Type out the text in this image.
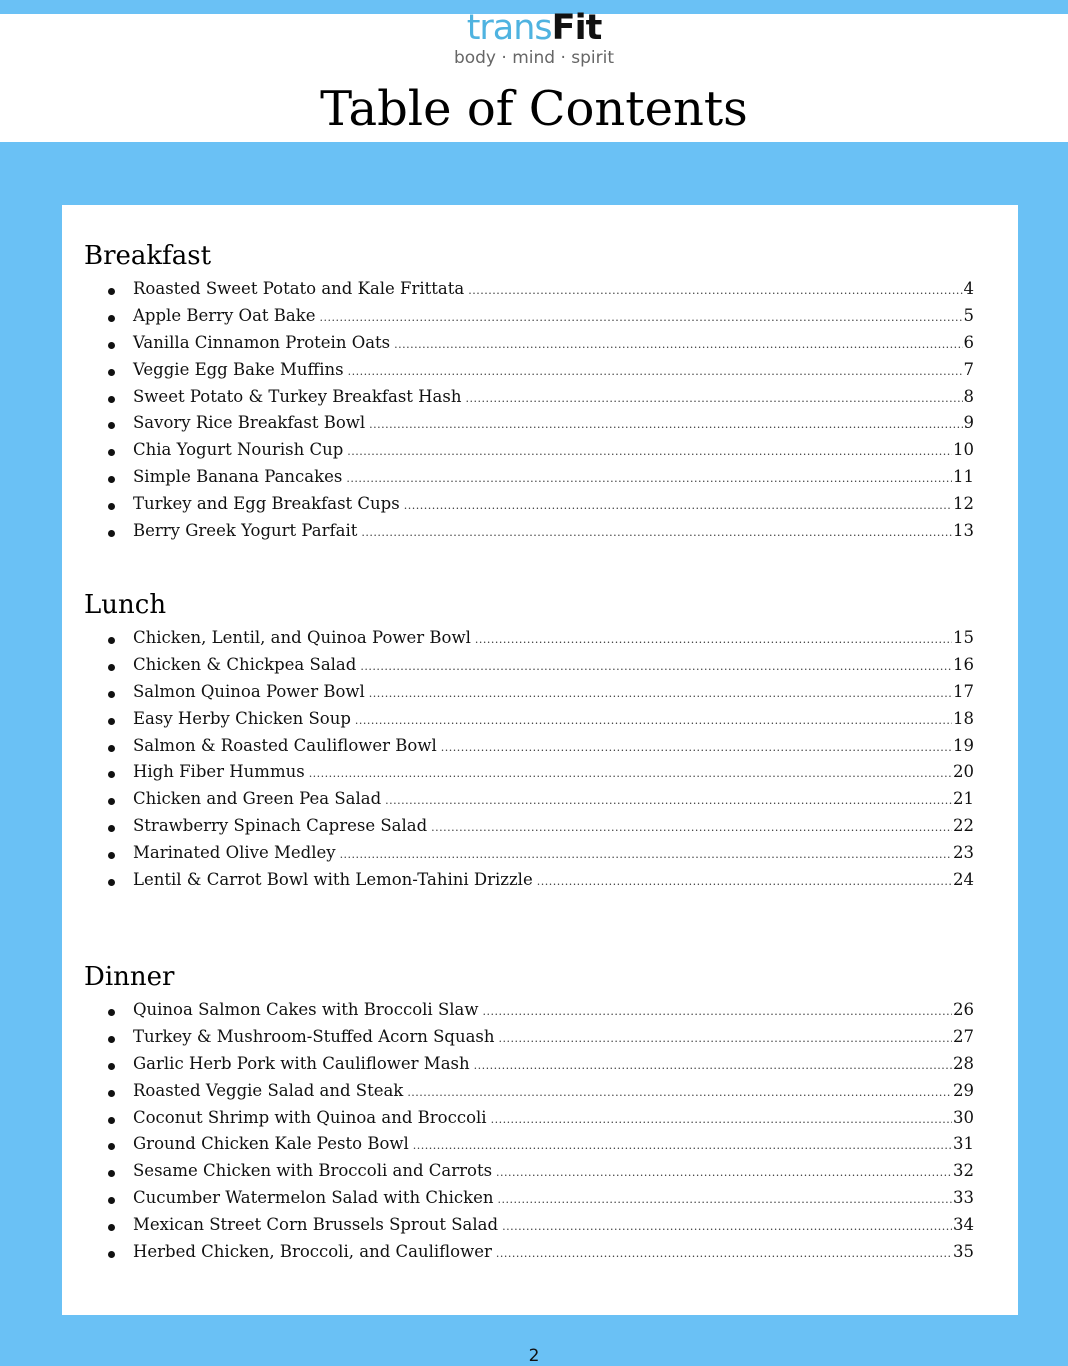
transFit
body · mind · spirit
Table of Contents
Breakfast
Roasted Sweet Potato and Kale Frittata .....	4
Apple Berry Oat Bake .....	5
Vanilla Cinnamon Protein Oats .....	6
Veggie Egg Bake Muffins .....	7
Sweet Potato & Turkey Breakfast Hash .....	8
Savory Rice Breakfast Bowl .....	9
Chia Yogurt Nourish Cup .....	10
Simple Banana Pancakes .....	11
Turkey and Egg Breakfast Cups .....	12
Berry Greek Yogurt Parfait .....	13
Lunch
Chicken, Lentil, and Quinoa Power Bowl .....	15
Chicken & Chickpea Salad .....	16
Salmon Quinoa Power Bowl .....	17
Easy Herby Chicken Soup .....	18
Salmon & Roasted Cauliflower Bowl .....	19
High Fiber Hummus .....	20
Chicken and Green Pea Salad .....	21
Strawberry Spinach Caprese Salad .....	22
Marinated Olive Medley .....	23
Lentil & Carrot Bowl with Lemon-Tahini Drizzle .....	24
Dinner
Quinoa Salmon Cakes with Broccoli Slaw .....	26
Turkey & Mushroom-Stuffed Acorn Squash .....	27
Garlic Herb Pork with Cauliflower Mash .....	28
Roasted Veggie Salad and Steak .....	29
Coconut Shrimp with Quinoa and Broccoli .....	30
Ground Chicken Kale Pesto Bowl .....	31
Sesame Chicken with Broccoli and Carrots .....	32
Cucumber Watermelon Salad with Chicken .....	33
Mexican Street Corn Brussels Sprout Salad .....	34
Herbed Chicken, Broccoli, and Cauliflower .....	35
2
